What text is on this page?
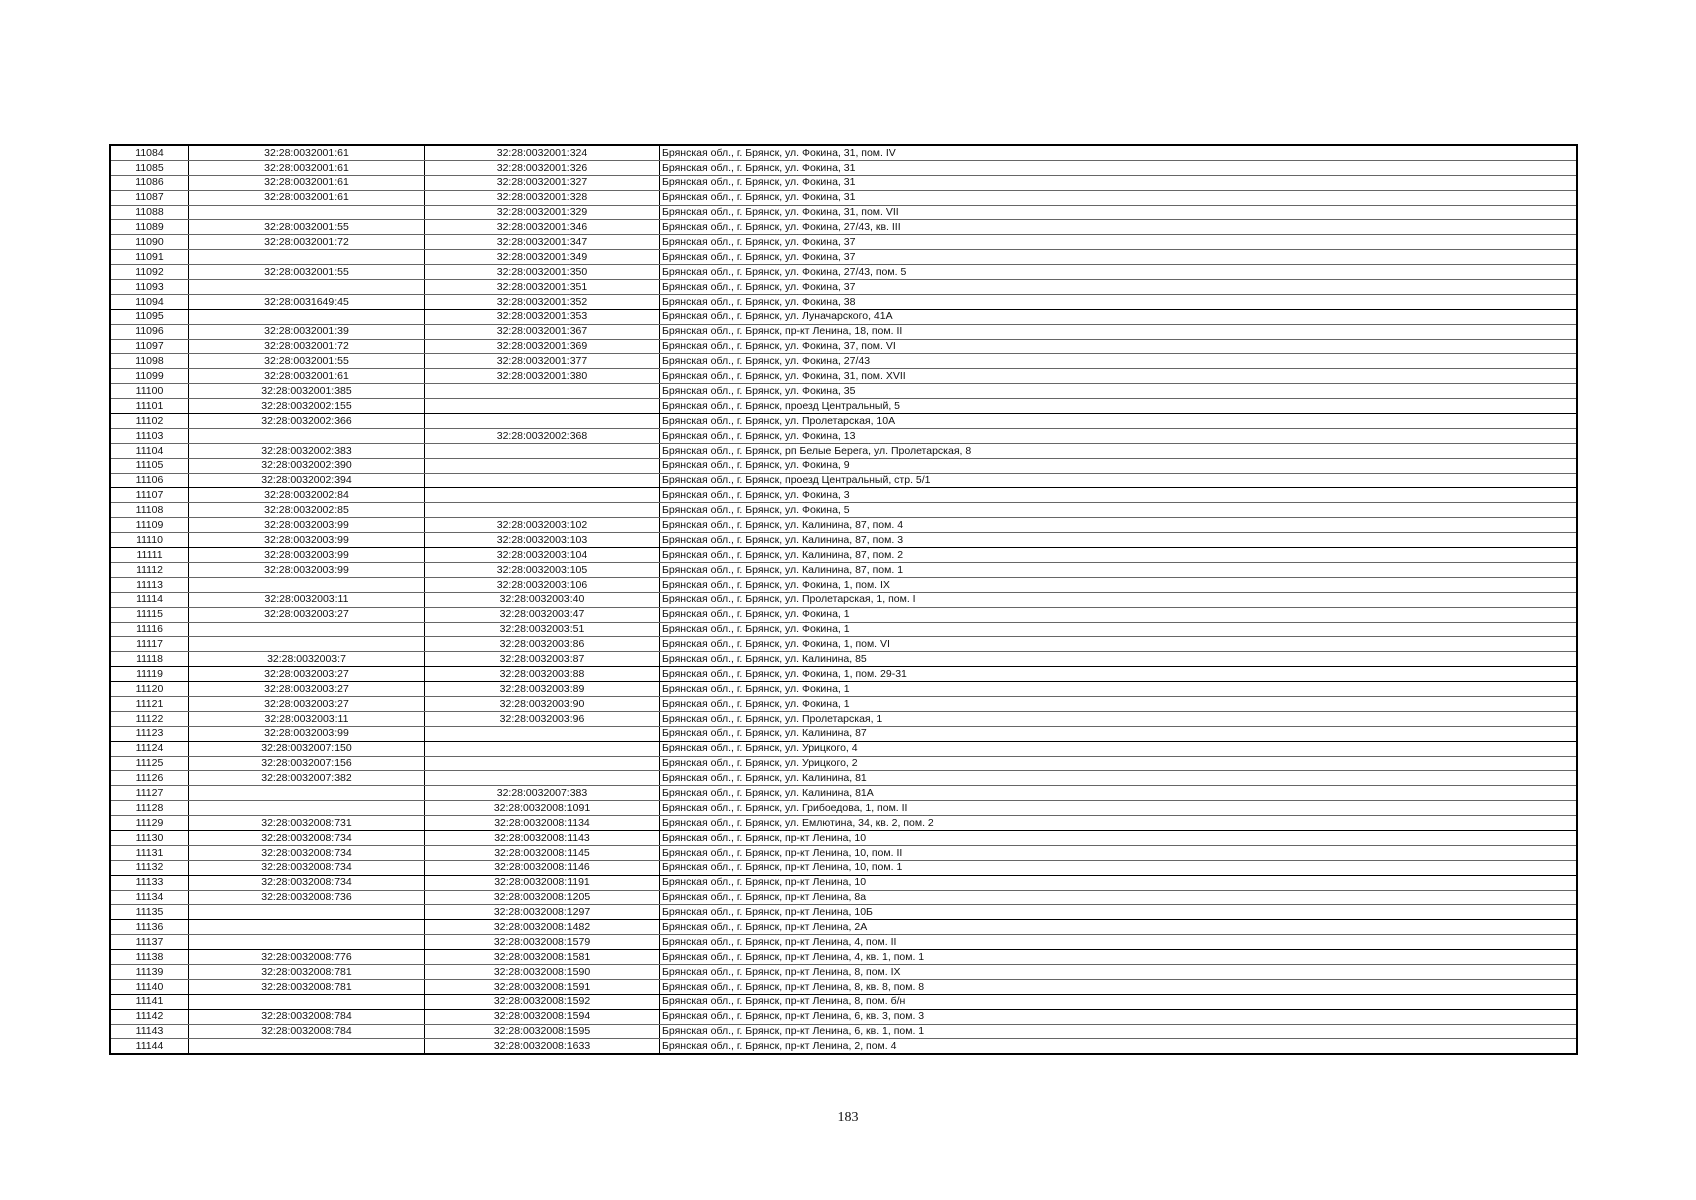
11084	32:28:0032001:61	32:28:0032001:324	Брянская обл., г. Брянск, ул. Фокина, 31, пом. IV
11085	32:28:0032001:61	32:28:0032001:326	Брянская обл., г. Брянск, ул. Фокина, 31
11086	32:28:0032001:61	32:28:0032001:327	Брянская обл., г. Брянск, ул. Фокина, 31
11087	32:28:0032001:61	32:28:0032001:328	Брянская обл., г. Брянск, ул. Фокина, 31
11088		32:28:0032001:329	Брянская обл., г. Брянск, ул. Фокина, 31, пом. VII
11089	32:28:0032001:55	32:28:0032001:346	Брянская обл., г. Брянск, ул. Фокина, 27/43, кв. III
11090	32:28:0032001:72	32:28:0032001:347	Брянская обл., г. Брянск, ул. Фокина, 37
11091		32:28:0032001:349	Брянская обл., г. Брянск, ул. Фокина, 37
11092	32:28:0032001:55	32:28:0032001:350	Брянская обл., г. Брянск, ул. Фокина, 27/43, пом. 5
11093		32:28:0032001:351	Брянская обл., г. Брянск, ул. Фокина, 37
11094	32:28:0031649:45	32:28:0032001:352	Брянская обл., г. Брянск, ул. Фокина, 38
11095		32:28:0032001:353	Брянская обл., г. Брянск, ул. Луначарского, 41А
11096	32:28:0032001:39	32:28:0032001:367	Брянская обл., г. Брянск, пр-кт Ленина, 18, пом. II
11097	32:28:0032001:72	32:28:0032001:369	Брянская обл., г. Брянск, ул. Фокина, 37, пом. VI
11098	32:28:0032001:55	32:28:0032001:377	Брянская обл., г. Брянск, ул. Фокина, 27/43
11099	32:28:0032001:61	32:28:0032001:380	Брянская обл., г. Брянск, ул. Фокина, 31, пом. XVII
11100	32:28:0032001:385		Брянская обл., г. Брянск, ул. Фокина, 35
11101	32:28:0032002:155		Брянская обл., г. Брянск, проезд Центральный, 5
11102	32:28:0032002:366		Брянская обл., г. Брянск, ул. Пролетарская, 10А
11103		32:28:0032002:368	Брянская обл., г. Брянск, ул. Фокина, 13
11104	32:28:0032002:383		Брянская обл., г. Брянск, рп Белые Берега, ул. Пролетарская, 8
11105	32:28:0032002:390		Брянская обл., г. Брянск, ул. Фокина, 9
11106	32:28:0032002:394		Брянская обл., г. Брянск, проезд Центральный, стр. 5/1
11107	32:28:0032002:84		Брянская обл., г. Брянск, ул. Фокина, 3
11108	32:28:0032002:85		Брянская обл., г. Брянск, ул. Фокина, 5
11109	32:28:0032003:99	32:28:0032003:102	Брянская обл., г. Брянск, ул. Калинина, 87, пом. 4
11110	32:28:0032003:99	32:28:0032003:103	Брянская обл., г. Брянск, ул. Калинина, 87, пом. 3
11111	32:28:0032003:99	32:28:0032003:104	Брянская обл., г. Брянск, ул. Калинина, 87, пом. 2
11112	32:28:0032003:99	32:28:0032003:105	Брянская обл., г. Брянск, ул. Калинина, 87, пом. 1
11113		32:28:0032003:106	Брянская обл., г. Брянск, ул. Фокина, 1, пом. IX
11114	32:28:0032003:11	32:28:0032003:40	Брянская обл., г. Брянск, ул. Пролетарская, 1, пом. I
11115	32:28:0032003:27	32:28:0032003:47	Брянская обл., г. Брянск, ул. Фокина, 1
11116		32:28:0032003:51	Брянская обл., г. Брянск, ул. Фокина, 1
11117		32:28:0032003:86	Брянская обл., г. Брянск, ул. Фокина, 1, пом. VI
11118	32:28:0032003:7	32:28:0032003:87	Брянская обл., г. Брянск, ул. Калинина, 85
11119	32:28:0032003:27	32:28:0032003:88	Брянская обл., г. Брянск, ул. Фокина, 1, пом. 29-31
11120	32:28:0032003:27	32:28:0032003:89	Брянская обл., г. Брянск, ул. Фокина, 1
11121	32:28:0032003:27	32:28:0032003:90	Брянская обл., г. Брянск, ул. Фокина, 1
11122	32:28:0032003:11	32:28:0032003:96	Брянская обл., г. Брянск, ул. Пролетарская, 1
11123	32:28:0032003:99		Брянская обл., г. Брянск, ул. Калинина, 87
11124	32:28:0032007:150		Брянская обл., г. Брянск, ул. Урицкого, 4
11125	32:28:0032007:156		Брянская обл., г. Брянск, ул. Урицкого, 2
11126	32:28:0032007:382		Брянская обл., г. Брянск, ул. Калинина, 81
11127		32:28:0032007:383	Брянская обл., г. Брянск, ул. Калинина, 81А
11128		32:28:0032008:1091	Брянская обл., г. Брянск, ул. Грибоедова, 1, пом. II
11129	32:28:0032008:731	32:28:0032008:1134	Брянская обл., г. Брянск, ул. Емлютина, 34, кв. 2, пом. 2
11130	32:28:0032008:734	32:28:0032008:1143	Брянская обл., г. Брянск, пр-кт Ленина, 10
11131	32:28:0032008:734	32:28:0032008:1145	Брянская обл., г. Брянск, пр-кт Ленина, 10, пом. II
11132	32:28:0032008:734	32:28:0032008:1146	Брянская обл., г. Брянск, пр-кт Ленина, 10, пом. 1
11133	32:28:0032008:734	32:28:0032008:1191	Брянская обл., г. Брянск, пр-кт Ленина, 10
11134	32:28:0032008:736	32:28:0032008:1205	Брянская обл., г. Брянск, пр-кт Ленина, 8а
11135		32:28:0032008:1297	Брянская обл., г. Брянск, пр-кт Ленина, 10Б
11136		32:28:0032008:1482	Брянская обл., г. Брянск, пр-кт Ленина, 2А
11137		32:28:0032008:1579	Брянская обл., г. Брянск, пр-кт Ленина, 4, пом. II
11138	32:28:0032008:776	32:28:0032008:1581	Брянская обл., г. Брянск, пр-кт Ленина, 4, кв. 1, пом. 1
11139	32:28:0032008:781	32:28:0032008:1590	Брянская обл., г. Брянск, пр-кт Ленина, 8, пом. IX
11140	32:28:0032008:781	32:28:0032008:1591	Брянская обл., г. Брянск, пр-кт Ленина, 8, кв. 8, пом. 8
11141		32:28:0032008:1592	Брянская обл., г. Брянск, пр-кт Ленина, 8, пом. б/н
11142	32:28:0032008:784	32:28:0032008:1594	Брянская обл., г. Брянск, пр-кт Ленина, 6, кв. 3, пом. 3
11143	32:28:0032008:784	32:28:0032008:1595	Брянская обл., г. Брянск, пр-кт Ленина, 6, кв. 1, пом. 1
11144		32:28:0032008:1633	Брянская обл., г. Брянск, пр-кт Ленина, 2, пом. 4
183
